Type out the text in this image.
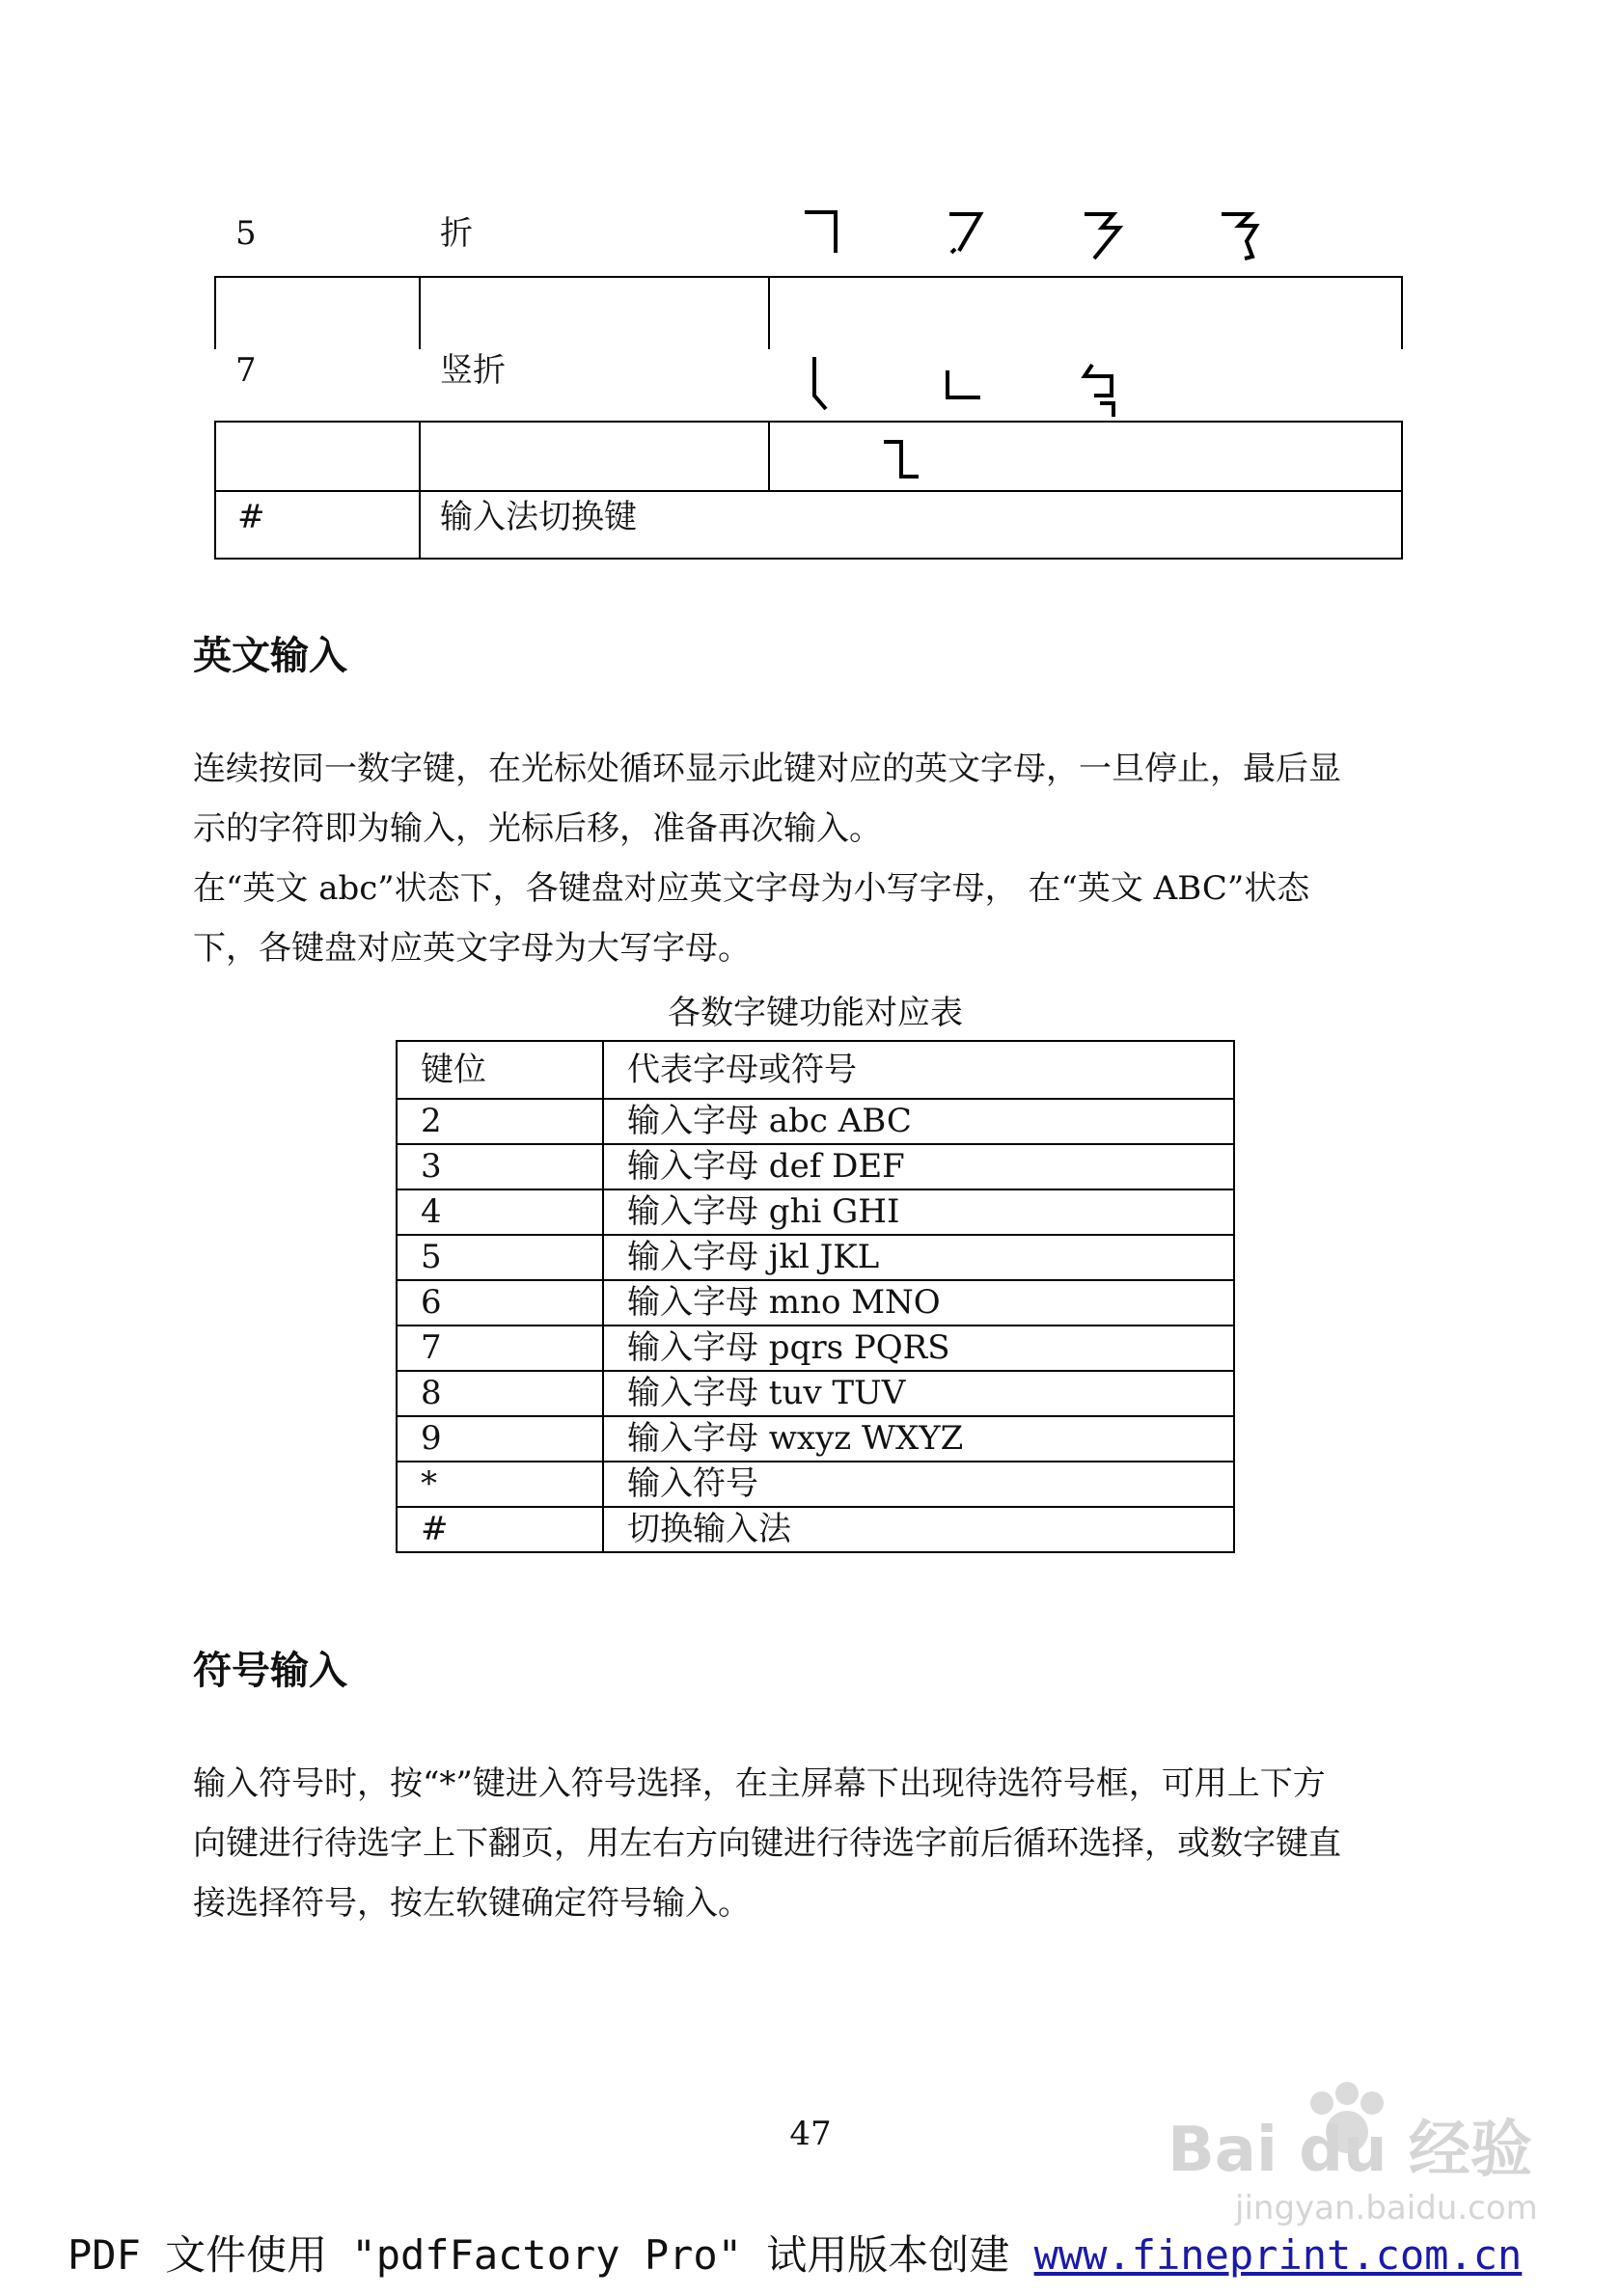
5	折
7	竖折
#	输入法切换键
英文输入

连续按同一数字键，在光标处循环显示此键对应的英文字母，一旦停止，最后显
示的字符即为输入，光标后移，准备再次输入。

在“英文 abc”状态下，各键盘对应英文字母为小写字母， 在“英文 ABC”状态
下，各键盘对应英文字母为大写字母。

各数字键功能对应表
键位	代表字母或符号
2	输入字母 abc ABC
3	输入字母 def DEF
4	输入字母 ghi GHI
5	输入字母 jkl JKL
6	输入字母 mno MNO
7	输入字母 pqrs PQRS
8	输入字母 tuv TUV
9	输入字母 wxyz WXYZ
*	输入符号
#	切换输入法
符号输入

输入符号时，按“*”键进入符号选择，在主屏幕下出现待选符号框，可用上下方
向键进行待选字上下翻页，用左右方向键进行待选字前后循环选择，或数字键直
接选择符号，按左软键确定符号输入。

47	Bai du 经验
jingyan.baidu.com
PDF 文件使用 "pdfFactory Pro" 试用版本创建 www.fineprint.com.cn
